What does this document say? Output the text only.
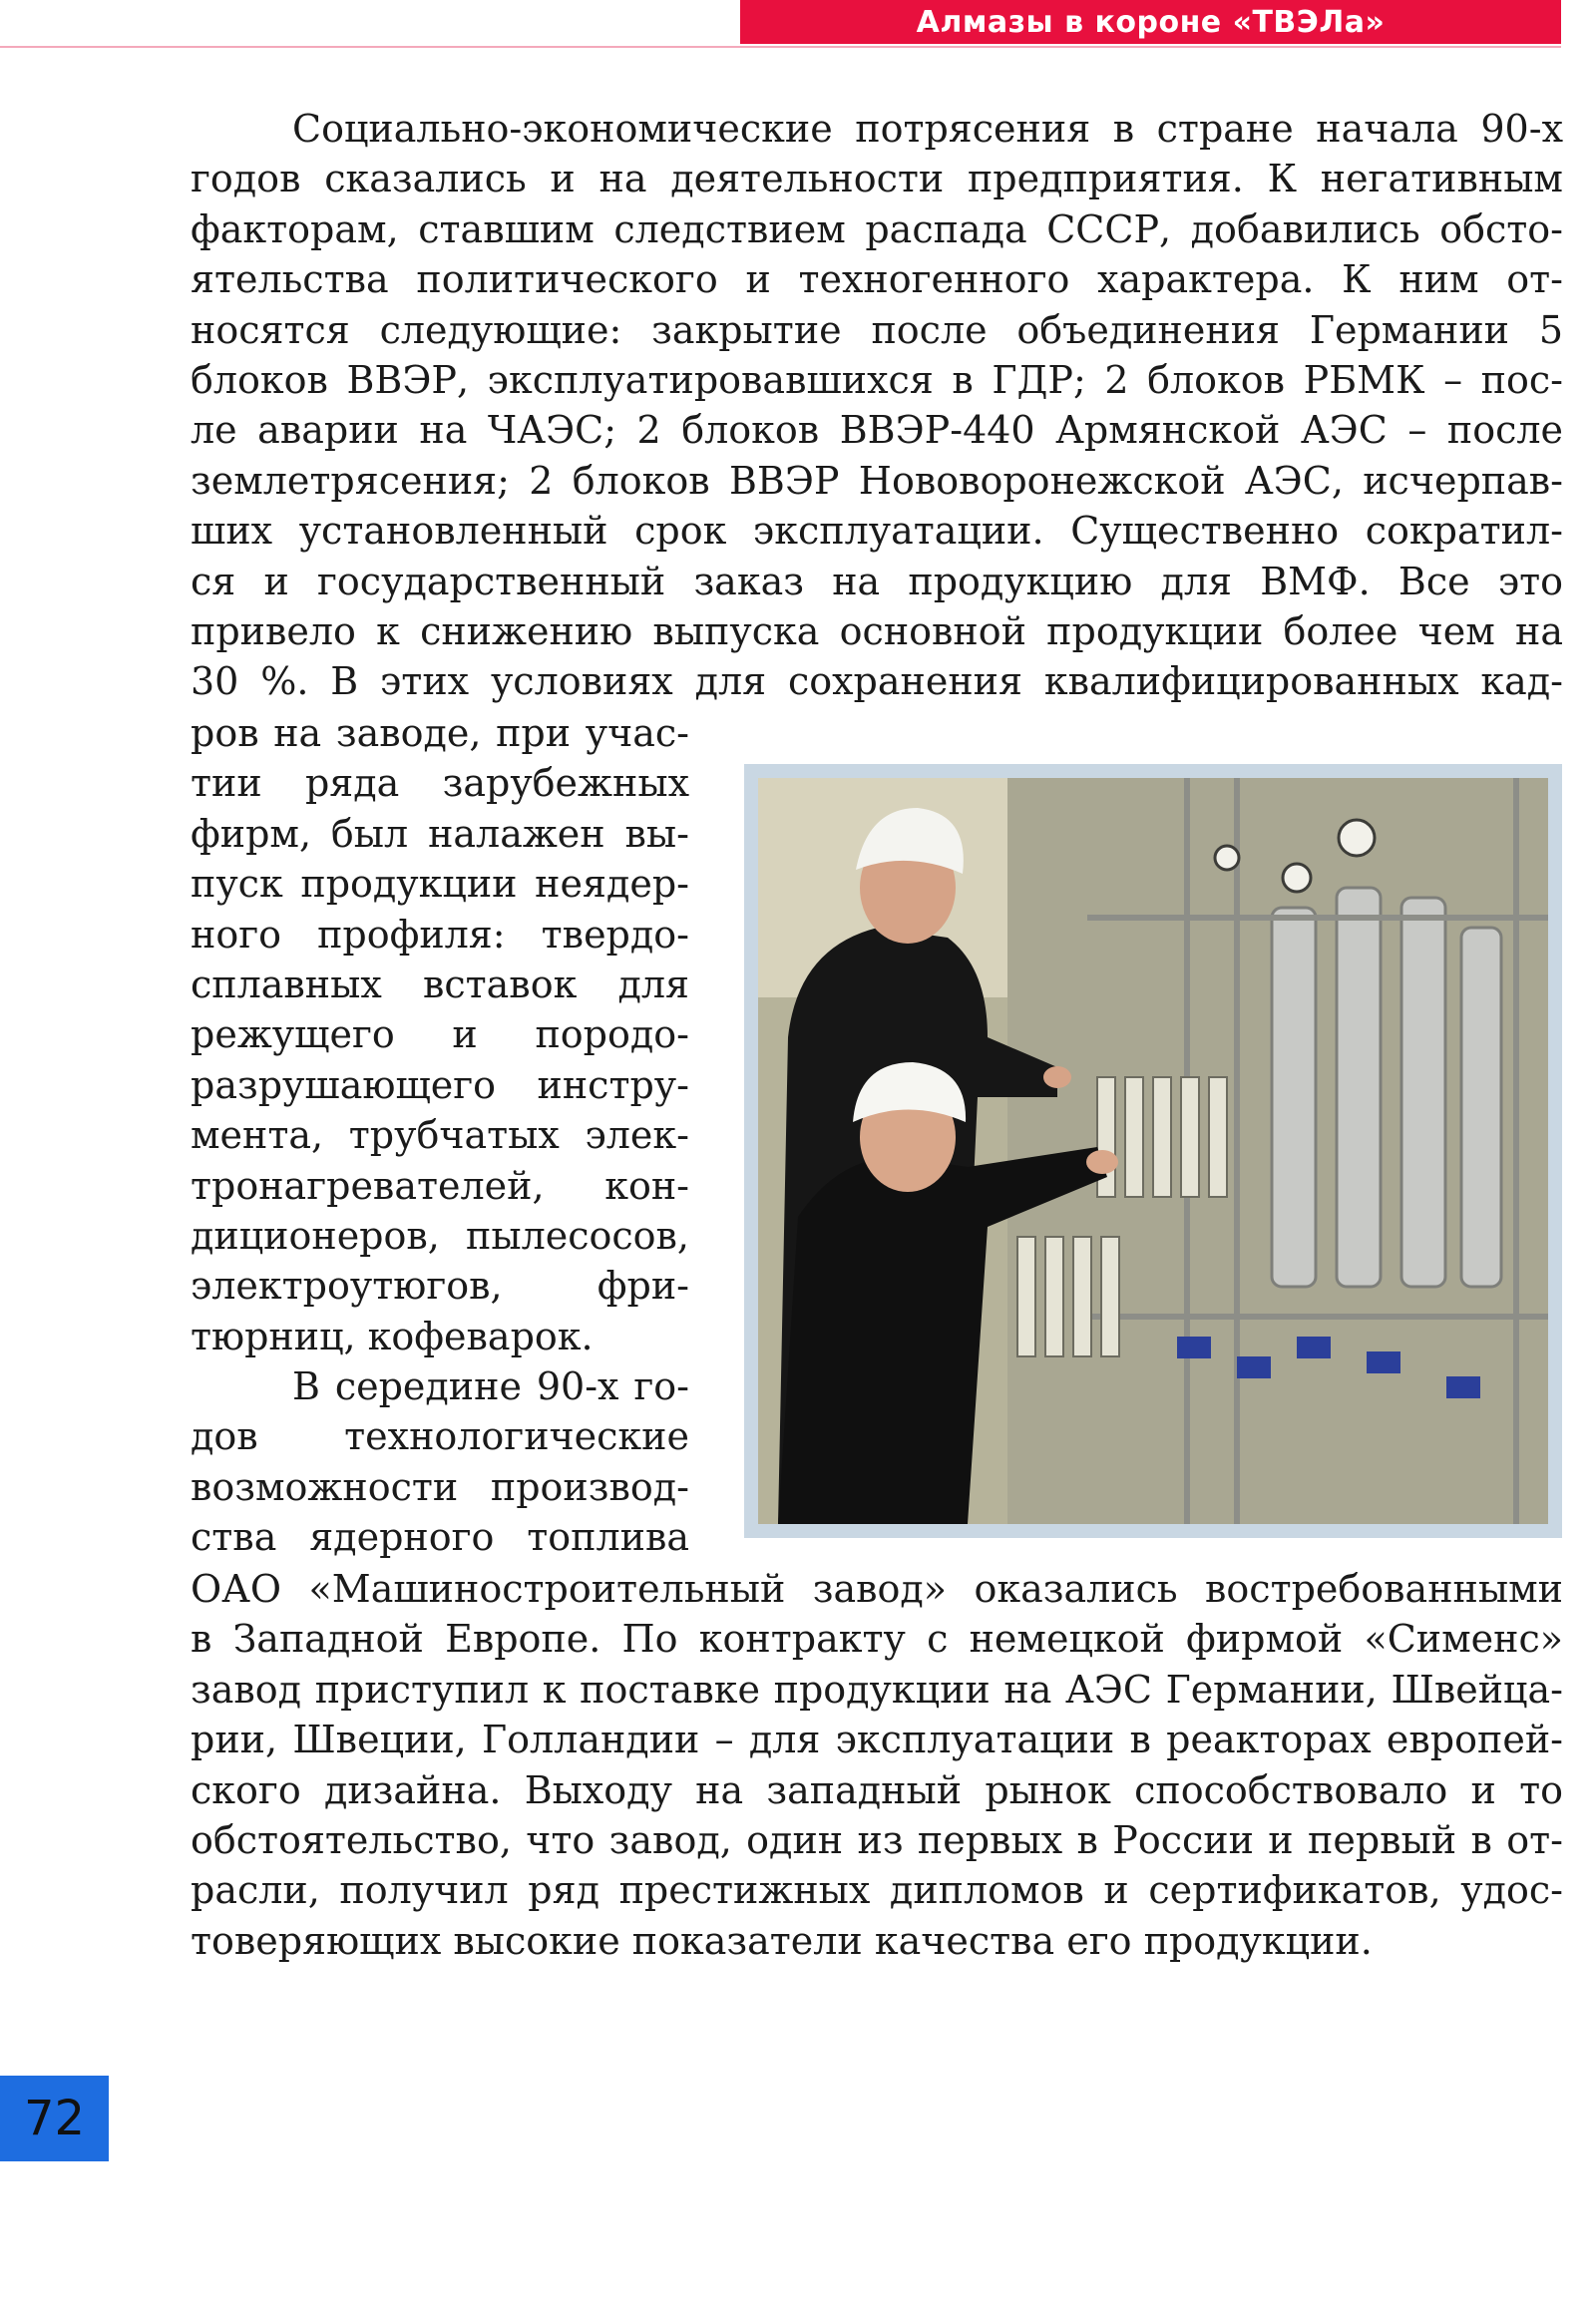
Алмазы в короне «ТВЭЛа»
Социально-экономические потрясения в стране начала 90-х
годов сказались и на деятельности предприятия. К негативным
факторам, ставшим следствием распада СССР, добавились обсто-
ятельства политического и техногенного характера. К ним от-
носятся следующие: закрытие после объединения Германии 5
блоков ВВЭР, эксплуатировавшихся в ГДР; 2 блоков РБМК – пос-
ле аварии на ЧАЭС; 2 блоков ВВЭР-440 Армянской АЭС – после
землетрясения; 2 блоков ВВЭР Нововоронежской АЭС, исчерпав-
ших установленный срок эксплуатации. Существенно сократил-
ся и государственный заказ на продукцию для ВМФ. Все это
привело к снижению выпуска основной продукции более чем на
30 %. В этих условиях для сохранения квалифицированных кад-
ров на заводе, при учас-
тии ряда зарубежных
фирм, был налажен вы-
пуск продукции неядер-
ного профиля: твердо-
сплавных вставок для
режущего и породо-
разрушающего инстру-
мента, трубчатых элек-
тронагревателей, кон-
диционеров, пылесосов,
электроутюгов, фри-
тюрниц, кофеварок.
В середине 90-х го-
дов технологические
возможности производ-
ства ядерного топлива
ОАО «Машиностроительный завод» оказались востребованными
в Западной Европе. По контракту с немецкой фирмой «Сименс»
завод приступил к поставке продукции на АЭС Германии, Швейца-
рии, Швеции, Голландии – для эксплуатации в реакторах европей-
ского дизайна. Выходу на западный рынок способствовало и то
обстоятельство, что завод, один из первых в России и первый в от-
расли, получил ряд престижных дипломов и сертификатов, удос-
товеряющих высокие показатели качества его продукции.
72
